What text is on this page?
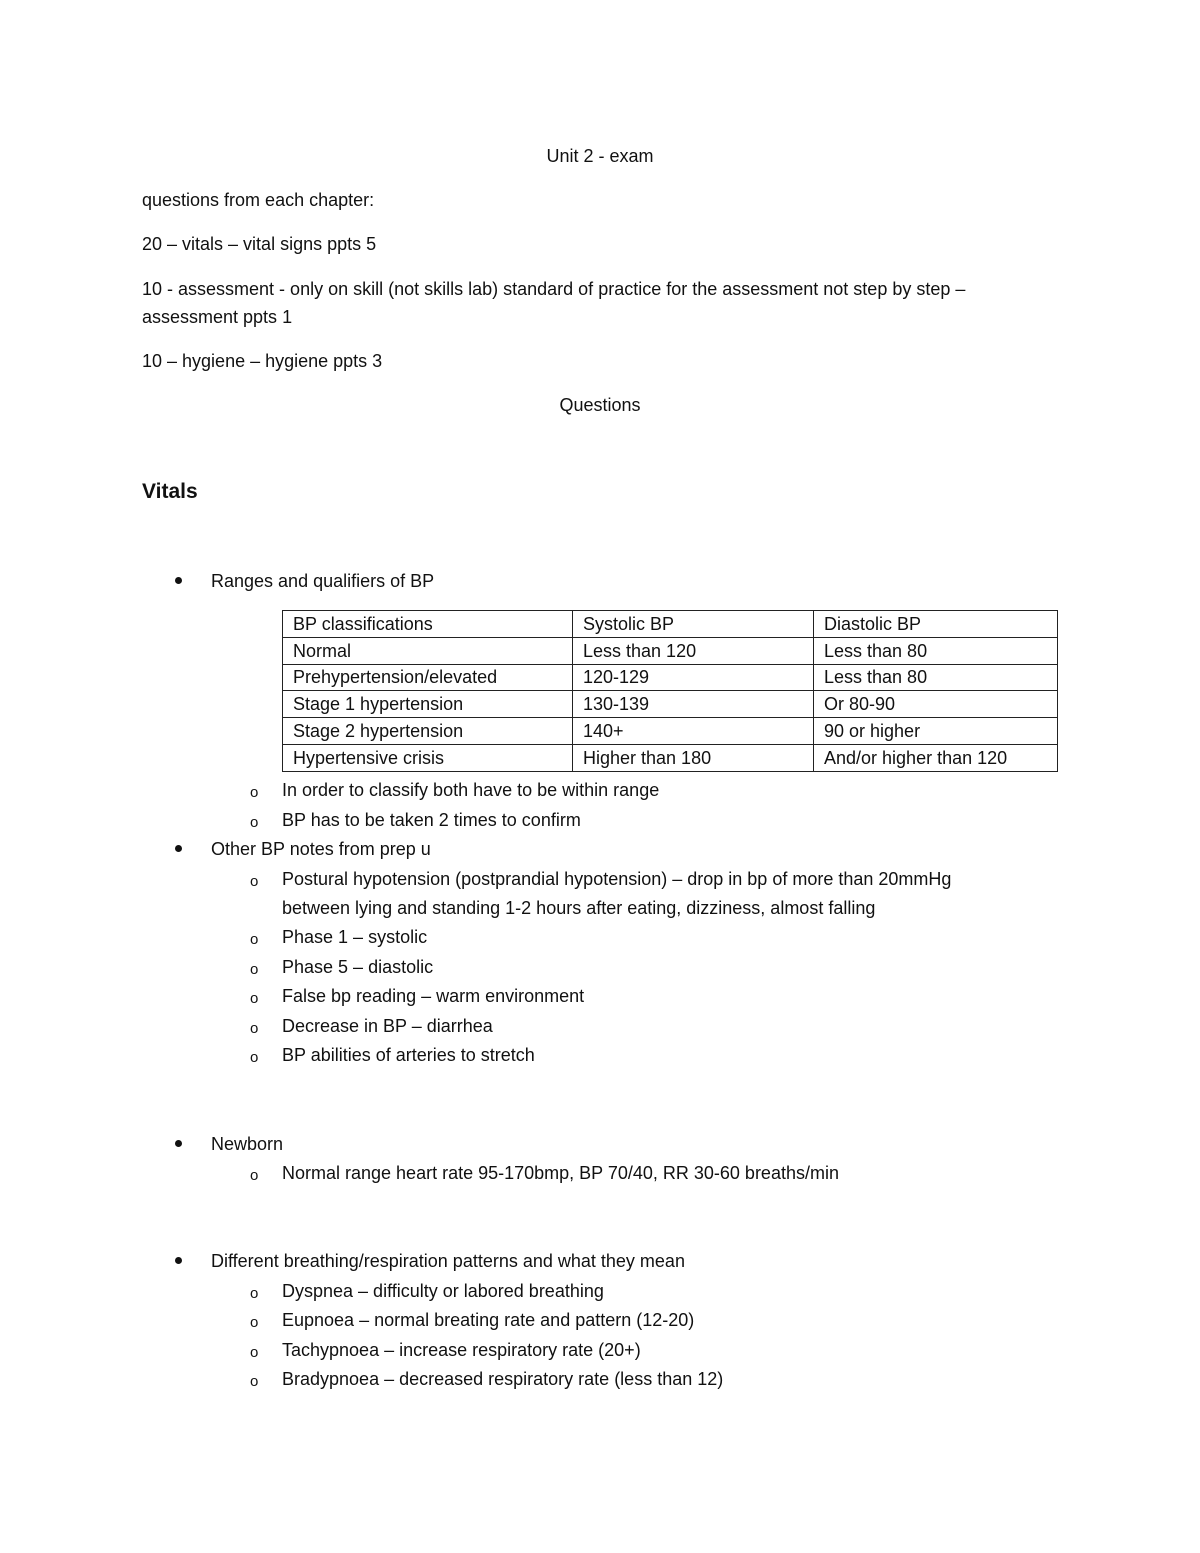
Unit 2 - exam
questions from each chapter:
20 – vitals – vital signs ppts 5
10 - assessment - only on skill (not skills lab) standard of practice for the assessment not step by step –
assessment ppts 1
10 – hygiene – hygiene ppts 3
Questions
Vitals
Ranges and qualifiers of BP
BP classifications	Systolic BP	Diastolic BP
Normal	Less than 120	Less than 80
Prehypertension/elevated	120-129	Less than 80
Stage 1 hypertension	130-139	Or 80-90
Stage 2 hypertension	140+	90 or higher
Hypertensive crisis	Higher than 180	And/or higher than 120
o In order to classify both have to be within range
o BP has to be taken 2 times to confirm
Other BP notes from prep u
o Postural hypotension (postprandial hypotension) – drop in bp of more than 20mmHg
between lying and standing 1-2 hours after eating, dizziness, almost falling
o Phase 1 – systolic
o Phase 5 – diastolic
o False bp reading – warm environment
o Decrease in BP – diarrhea
o BP abilities of arteries to stretch
Newborn
o Normal range heart rate 95-170bmp, BP 70/40, RR 30-60 breaths/min
Different breathing/respiration patterns and what they mean
o Dyspnea – difficulty or labored breathing
o Eupnoea – normal breating rate and pattern (12-20)
o Tachypnoea – increase respiratory rate (20+)
o Bradypnoea – decreased respiratory rate (less than 12)
